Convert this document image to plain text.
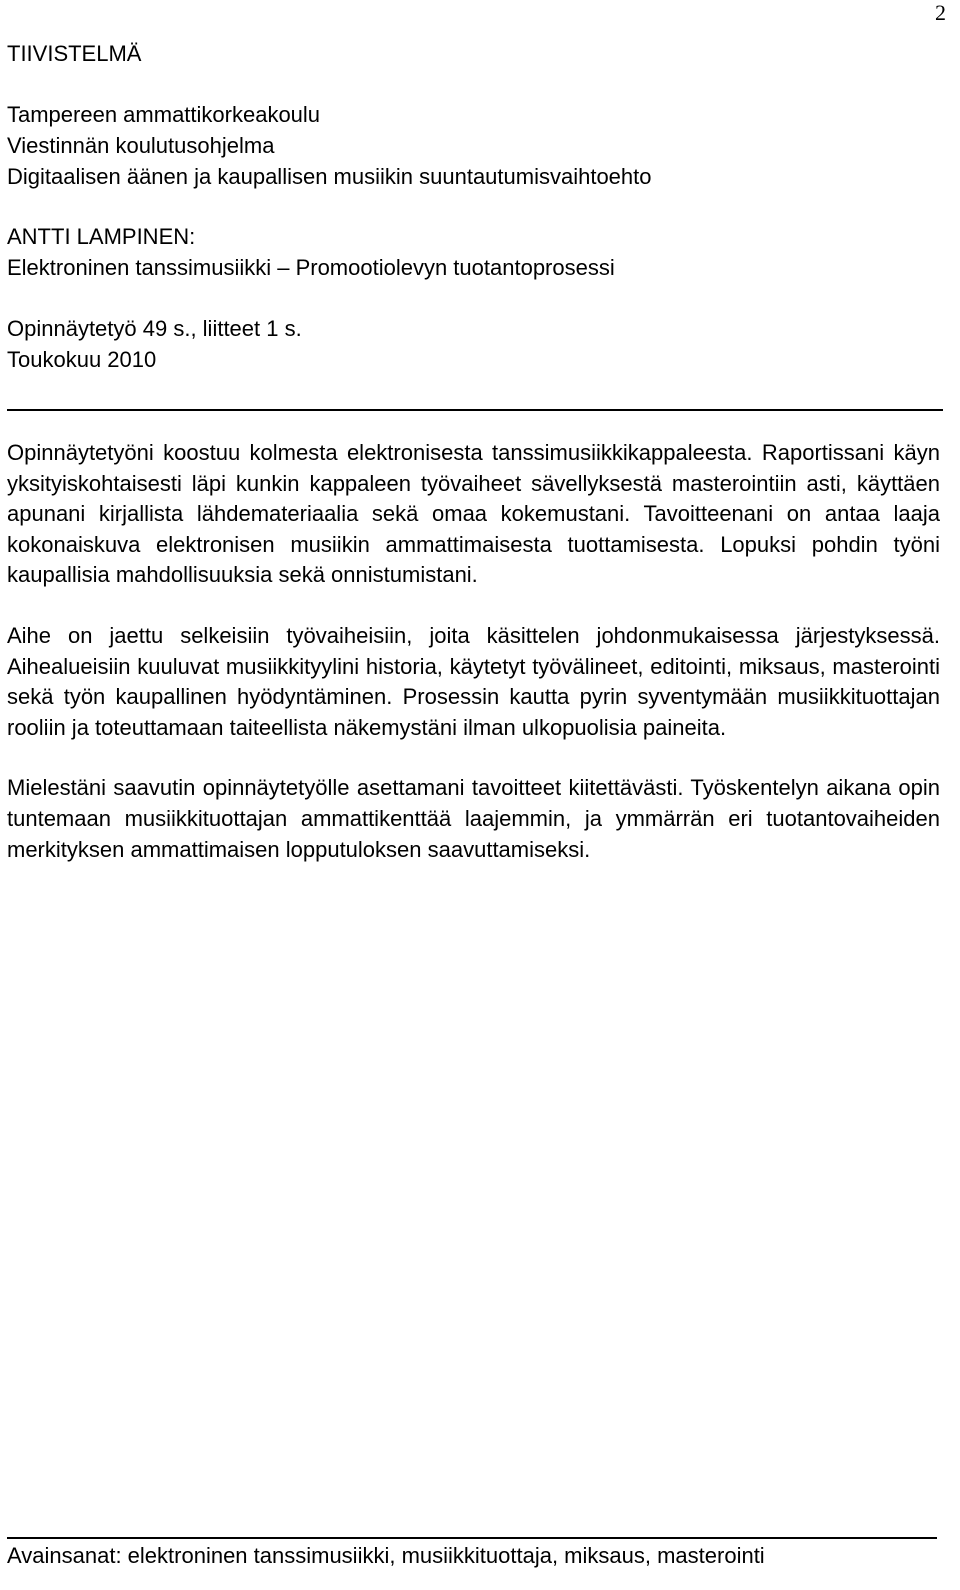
2
TIIVISTELMÄ
Tampereen ammattikorkeakoulu
Viestinnän koulutusohjelma
Digitaalisen äänen ja kaupallisen musiikin suuntautumisvaihtoehto
ANTTI LAMPINEN:
Elektroninen tanssimusiikki – Promootiolevyn tuotantoprosessi
Opinnäytetyö 49 s., liitteet 1 s.
Toukokuu 2010

Opinnäytetyöni koostuu kolmesta elektronisesta tanssimusiikkikappaleesta. Raportissani käyn yksityiskohtaisesti läpi kunkin kappaleen työvaiheet sävellyksestä masterointiin asti, käyttäen apunani kirjallista lähdemateriaalia sekä omaa kokemustani. Tavoitteenani on antaa laaja kokonaiskuva elektronisen musiikin ammattimaisesta tuottamisesta. Lopuksi pohdin työni kaupallisia mahdollisuuksia sekä onnistumistani.

Aihe on jaettu selkeisiin työvaiheisiin, joita käsittelen johdonmukaisessa järjestyksessä. Aihealueisiin kuuluvat musiikkityylini historia, käytetyt työvälineet, editointi, miksaus, masterointi sekä työn kaupallinen hyödyntäminen. Prosessin kautta pyrin syventymään musiikkituottajan rooliin ja toteuttamaan taiteellista näkemystäni ilman ulkopuolisia paineita.

Mielestäni saavutin opinnäytetyölle asettamani tavoitteet kiitettävästi. Työskentelyn aikana opin tuntemaan musiikkituottajan ammattikenttää laajemmin, ja ymmärrän eri tuotantovaiheiden merkityksen ammattimaisen lopputuloksen saavuttamiseksi.

Avainsanat: elektroninen tanssimusiikki, musiikkituottaja, miksaus, masterointi
